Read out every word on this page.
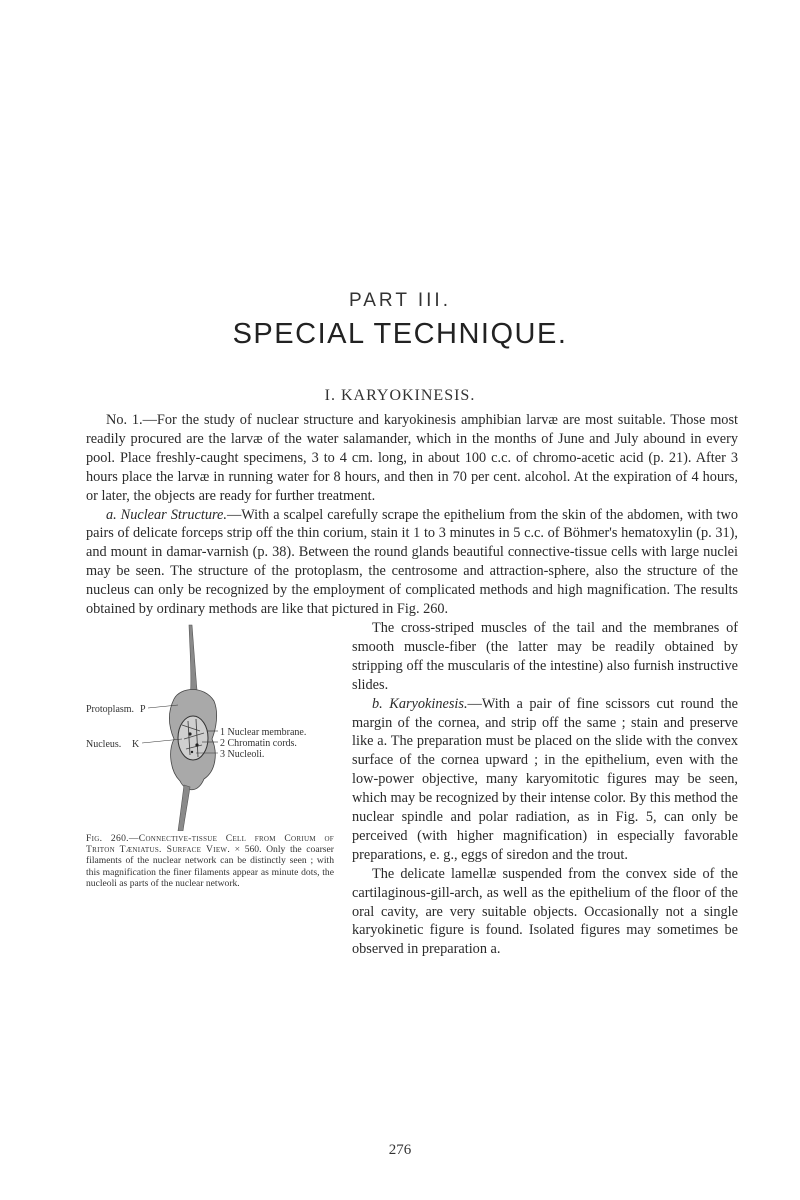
PART III.
SPECIAL TECHNIQUE.
I. KARYOKINESIS.

No. 1.—For the study of nuclear structure and karyokinesis amphibian larvæ are most suitable. Those most readily procured are the larvæ of the water salamander, which in the months of June and July abound in every pool. Place freshly-caught specimens, 3 to 4 cm. long, in about 100 c.c. of chromo-acetic acid (p. 21). After 3 hours place the larvæ in running water for 8 hours, and then in 70 per cent. alcohol. At the expiration of 4 hours, or later, the objects are ready for further treatment.

a. Nuclear Structure.—With a scalpel carefully scrape the epithelium from the skin of the abdomen, with two pairs of delicate forceps strip off the thin corium, stain it 1 to 3 minutes in 5 c.c. of Böhmer's hematoxylin (p. 31), and mount in damar-varnish (p. 38). Between the round glands beautiful connective-tissue cells with large nuclei may be seen. The structure of the protoplasm, the centrosome and attraction-sphere, also the structure of the nucleus can only be recognized by the employment of complicated methods and high magnification. The results obtained by ordinary methods are like that pictured in Fig. 260.

Protoplasm. P
Nucleus. K
1 Nuclear membrane.
2 Chromatin cords.
3 Nucleoli.
Fig. 260.—Connective-tissue Cell from Corium of Triton Tæniatus. Surface View. × 560. Only the coarser filaments of the nuclear network can be distinctly seen ; with this magnification the finer filaments appear as minute dots, the nucleoli as parts of the nuclear network.

The cross-striped muscles of the tail and the membranes of smooth muscle-fiber (the latter may be readily obtained by stripping off the muscularis of the intestine) also furnish instructive slides.

b. Karyokinesis.—With a pair of fine scissors cut round the margin of the cornea, and strip off the same ; stain and preserve like a. The preparation must be placed on the slide with the convex surface of the cornea upward ; in the epithelium, even with the low-power objective, many karyomitotic figures may be seen, which may be recognized by their intense color. By this method the nuclear spindle and polar radiation, as in Fig. 5, can only be perceived (with higher magnification) in especially favorable preparations, e. g., eggs of siredon and the trout.

The delicate lamellæ suspended from the convex side of the cartilaginous-gill-arch, as well as the epithelium of the floor of the oral cavity, are very suitable objects. Occasionally not a single karyokinetic figure is found. Isolated figures may sometimes be observed in preparation a.

276
